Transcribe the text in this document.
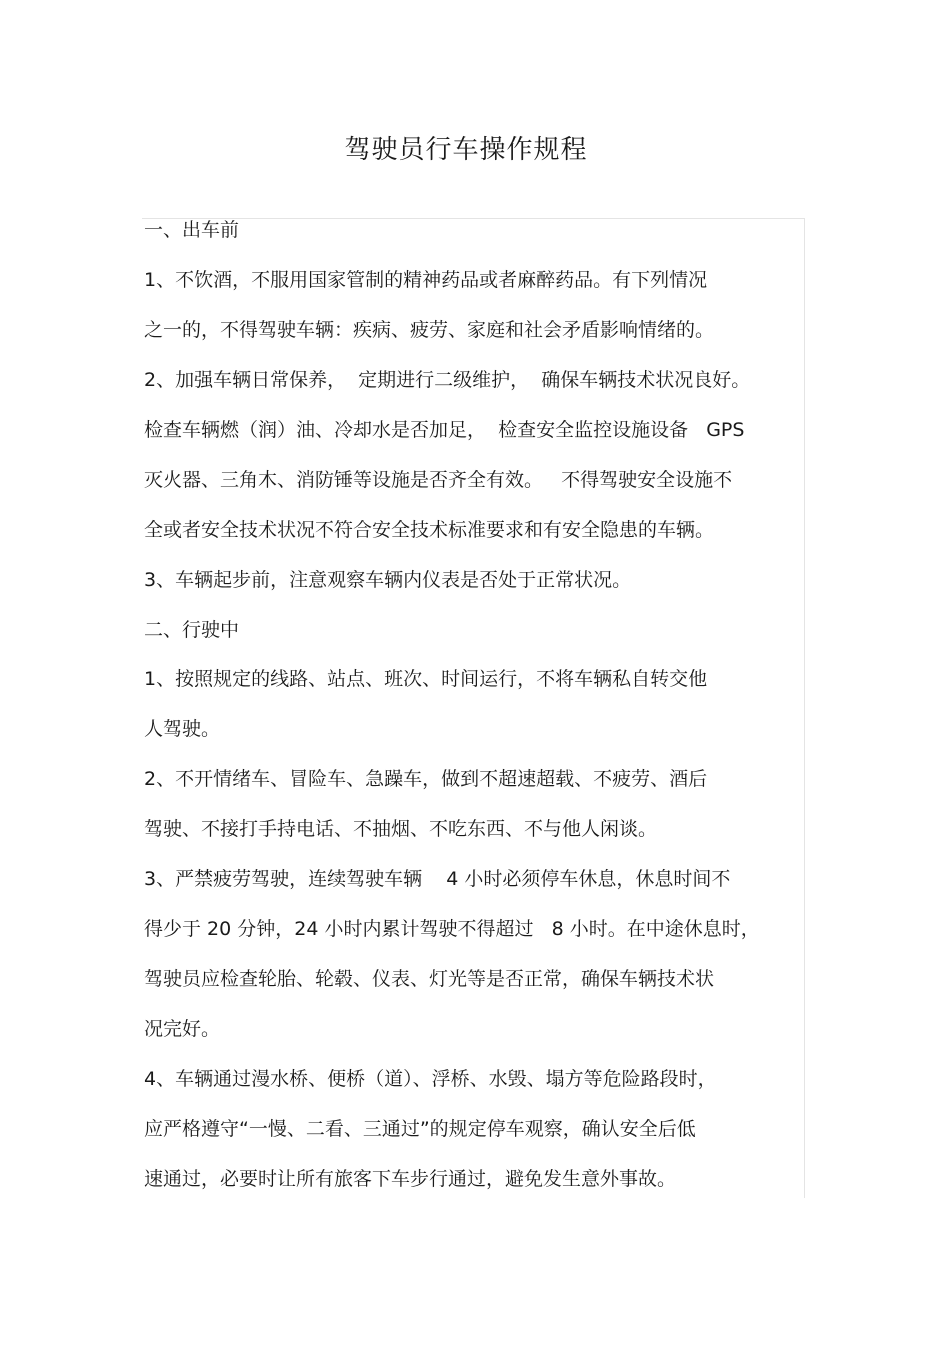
驾驶员行车操作规程
一、出车前
1、不饮酒，不服用国家管制的精神药品或者麻醉药品。有下列情况
之一的，不得驾驶车辆：疾病、疲劳、家庭和社会矛盾影响情绪的。
2、加强车辆日常保养，  定期进行二级维护，  确保车辆技术状况良好。
检查车辆燃（润）油、冷却水是否加足，  检查安全监控设施设备   GPS
灭火器、三角木、消防锤等设施是否齐全有效。   不得驾驶安全设施不
全或者安全技术状况不符合安全技术标准要求和有安全隐患的车辆。
3、车辆起步前，注意观察车辆内仪表是否处于正常状况。
二、行驶中
1、按照规定的线路、站点、班次、时间运行，不将车辆私自转交他
人驾驶。
2、不开情绪车、冒险车、急躁车，做到不超速超载、不疲劳、酒后
驾驶、不接打手持电话、不抽烟、不吃东西、不与他人闲谈。
3、严禁疲劳驾驶，连续驾驶车辆    4 小时必须停车休息，休息时间不
得少于 20 分钟，24 小时内累计驾驶不得超过   8 小时。在中途休息时，
驾驶员应检查轮胎、轮毂、仪表、灯光等是否正常，确保车辆技术状
况完好。
4、车辆通过漫水桥、便桥（道）、浮桥、水毁、塌方等危险路段时，
应严格遵守“一慢、二看、三通过”的规定停车观察，确认安全后低
速通过，必要时让所有旅客下车步行通过，避免发生意外事故。
